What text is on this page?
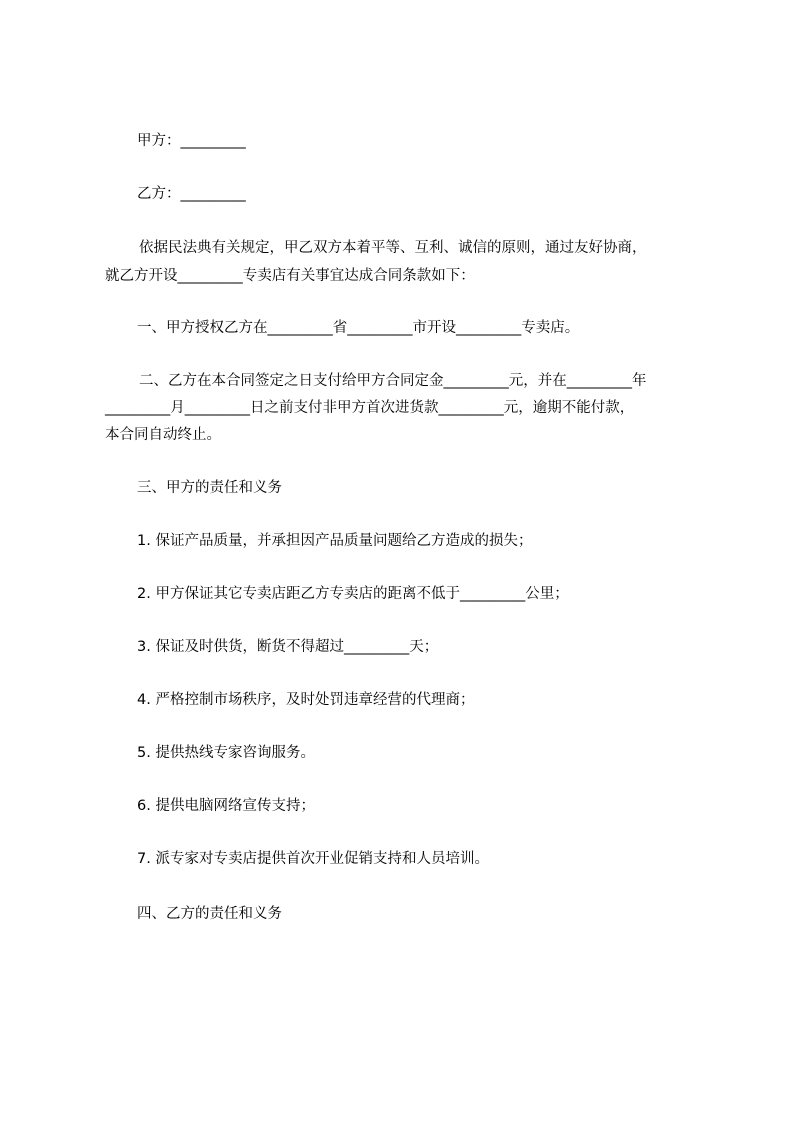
甲方：_________
乙方：_________
依据民法典有关规定，甲乙双方本着平等、互利、诚信的原则，通过友好协商，
就乙方开设_________专卖店有关事宜达成合同条款如下：
一、甲方授权乙方在_________省_________市开设_________专卖店。
二、乙方在本合同签定之日支付给甲方合同定金_________元，并在_________年
_________月_________日之前支付非甲方首次进货款_________元，逾期不能付款，
本合同自动终止。
三、甲方的责任和义务
1. 保证产品质量，并承担因产品质量问题给乙方造成的损失；
2. 甲方保证其它专卖店距乙方专卖店的距离不低于_________公里；
3. 保证及时供货，断货不得超过_________天；
4. 严格控制市场秩序，及时处罚违章经营的代理商；
5. 提供热线专家咨询服务。
6. 提供电脑网络宣传支持；
7. 派专家对专卖店提供首次开业促销支持和人员培训。
四、乙方的责任和义务
